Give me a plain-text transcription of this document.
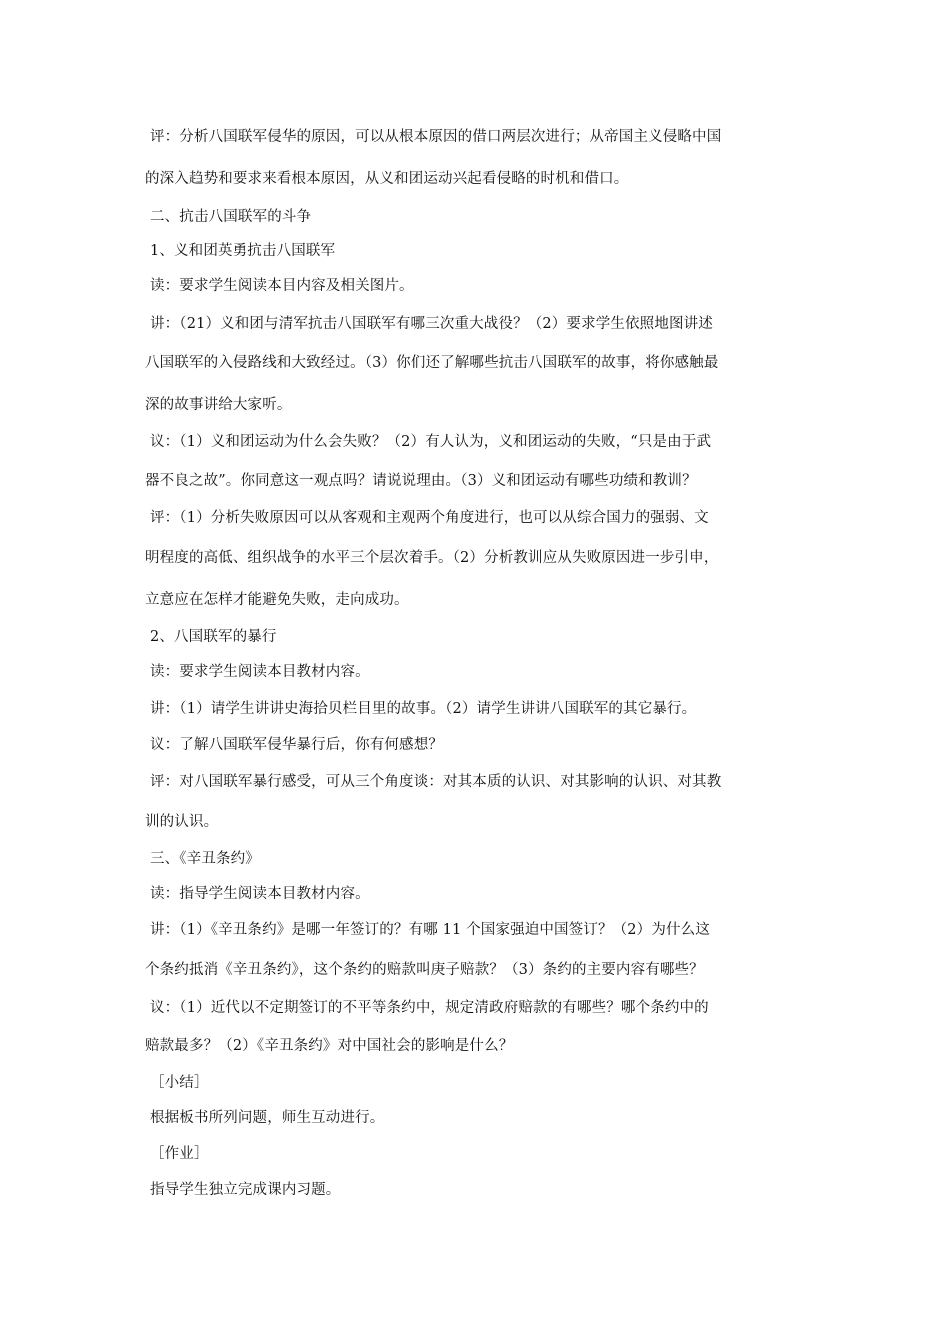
评：分析八国联军侵华的原因，可以从根本原因的借口两层次进行；从帝国主义侵略中国
的深入趋势和要求来看根本原因，从义和团运动兴起看侵略的时机和借口。
二、抗击八国联军的斗争
1、义和团英勇抗击八国联军
读：要求学生阅读本目内容及相关图片。
讲：（21）义和团与清军抗击八国联军有哪三次重大战役？（2）要求学生依照地图讲述
八国联军的入侵路线和大致经过。（3）你们还了解哪些抗击八国联军的故事，将你感触最
深的故事讲给大家听。
议：（1）义和团运动为什么会失败？（2）有人认为，义和团运动的失败，“只是由于武
器不良之故”。你同意这一观点吗？请说说理由。（3）义和团运动有哪些功绩和教训？
评：（1）分析失败原因可以从客观和主观两个角度进行，也可以从综合国力的强弱、文
明程度的高低、组织战争的水平三个层次着手。（2）分析教训应从失败原因进一步引申，
立意应在怎样才能避免失败，走向成功。
2、八国联军的暴行
读：要求学生阅读本目教材内容。
讲：（1）请学生讲讲史海拾贝栏目里的故事。（2）请学生讲讲八国联军的其它暴行。
议：了解八国联军侵华暴行后，你有何感想？
评：对八国联军暴行感受，可从三个角度谈：对其本质的认识、对其影响的认识、对其教
训的认识。
三、《辛丑条约》
读：指导学生阅读本目教材内容。
讲：（1）《辛丑条约》是哪一年签订的？有哪 11 个国家强迫中国签订？（2）为什么这
个条约抵消《辛丑条约》，这个条约的赔款叫庚子赔款？（3）条约的主要内容有哪些？
议：（1）近代以不定期签订的不平等条约中，规定清政府赔款的有哪些？哪个条约中的
赔款最多？（2）《辛丑条约》对中国社会的影响是什么？
［小结］
根据板书所列问题，师生互动进行。
［作业］
指导学生独立完成课内习题。
